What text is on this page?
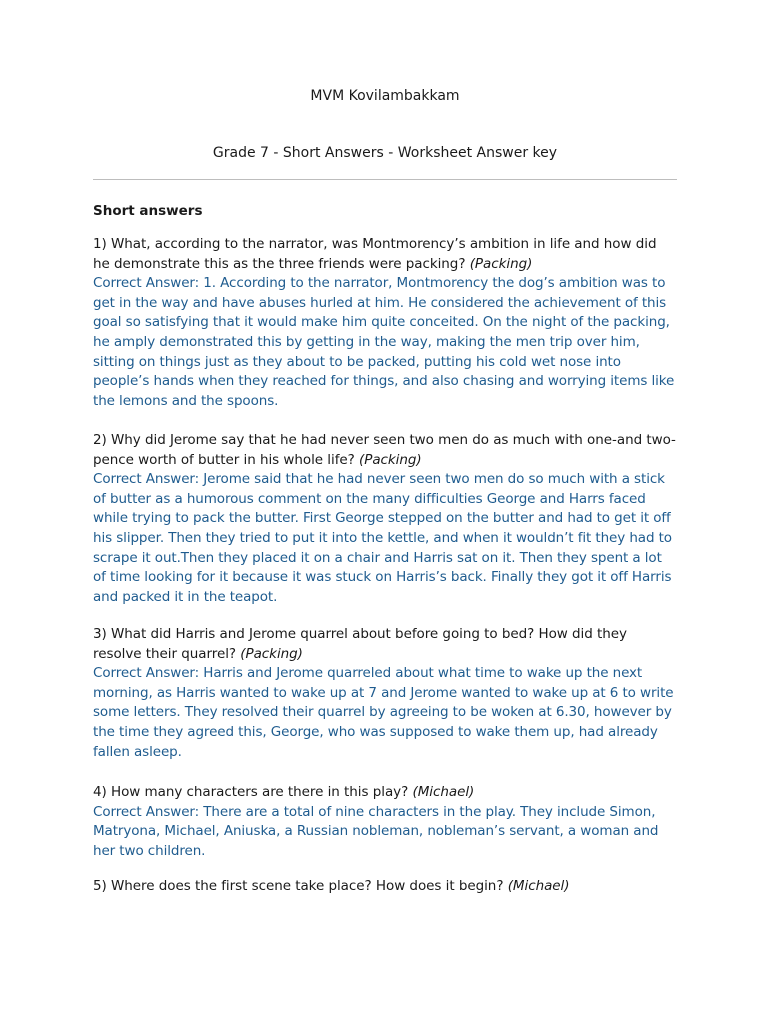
MVM Kovilambakkam
Grade 7 - Short Answers - Worksheet Answer key
Short answers
1) What, according to the narrator, was Montmorency’s ambition in life and how did he demonstrate this as the three friends were packing? (Packing)
Correct Answer: 1. According to the narrator, Montmorency the dog’s ambition was to get in the way and have abuses hurled at him. He considered the achievement of this goal so satisfying that it would make him quite conceited. On the night of the packing, he amply demonstrated this by getting in the way, making the men trip over him, sitting on things just as they about to be packed, putting his cold wet nose into people’s hands when they reached for things, and also chasing and worrying items like the lemons and the spoons.
2) Why did Jerome say that he had never seen two men do as much with one-and two-pence worth of butter in his whole life? (Packing)
Correct Answer: Jerome said that he had never seen two men do so much with a stick of butter as a humorous comment on the many difficulties George and Harrs faced while trying to pack the butter. First George stepped on the butter and had to get it off his slipper. Then they tried to put it into the kettle, and when it wouldn’t fit they had to scrape it out.Then they placed it on a chair and Harris sat on it. Then they spent a lot of time looking for it because it was stuck on Harris’s back. Finally they got it off Harris and packed it in the teapot.
3) What did Harris and Jerome quarrel about before going to bed? How did they resolve their quarrel? (Packing)
Correct Answer: Harris and Jerome quarreled about what time to wake up the next morning, as Harris wanted to wake up at 7 and Jerome wanted to wake up at 6 to write some letters. They resolved their quarrel by agreeing to be woken at 6.30, however by the time they agreed this, George, who was supposed to wake them up, had already fallen asleep.
4) How many characters are there in this play? (Michael)
Correct Answer: There are a total of nine characters in the play. They include Simon, Matryona, Michael, Aniuska, a Russian nobleman, nobleman’s servant, a woman and her two children.
5) Where does the first scene take place? How does it begin? (Michael)
